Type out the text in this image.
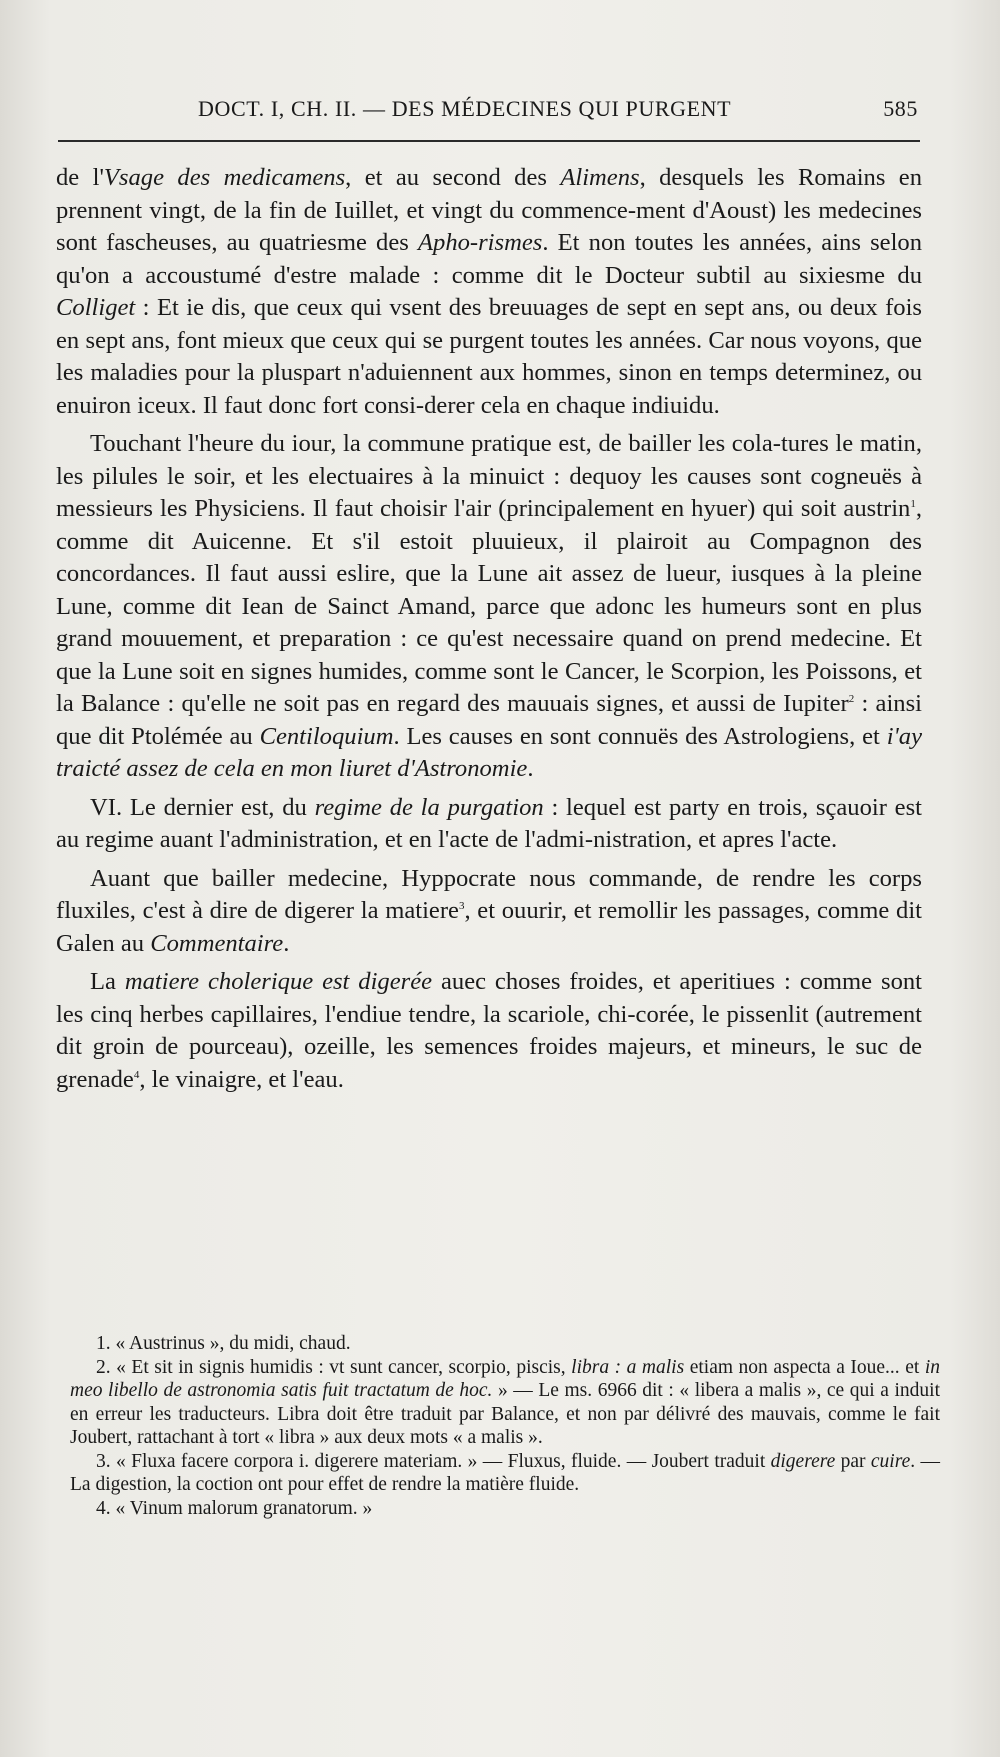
DOCT. I, CH. II. — DES MÉDECINES QUI PURGENT	585

de l'Vsage des medicamens, et au second des Alimens, desquels les Romains en prennent vingt, de la fin de Iuillet, et vingt du commence-ment d'Aoust) les medecines sont fascheuses, au quatriesme des Apho-rismes. Et non toutes les années, ains selon qu'on a accoustumé d'estre malade : comme dit le Docteur subtil au sixiesme du Colliget : Et ie dis, que ceux qui vsent des breuuages de sept en sept ans, ou deux fois en sept ans, font mieux que ceux qui se purgent toutes les années. Car nous voyons, que les maladies pour la pluspart n'aduiennent aux hommes, sinon en temps determinez, ou enuiron iceux. Il faut donc fort consi-derer cela en chaque indiuidu.

Touchant l'heure du iour, la commune pratique est, de bailler les cola-tures le matin, les pilules le soir, et les electuaires à la minuict : dequoy les causes sont cogneuës à messieurs les Physiciens. Il faut choisir l'air (principalement en hyuer) qui soit austrin$^1$, comme dit Auicenne. Et s'il estoit pluuieux, il plairoit au Compagnon des concordances. Il faut aussi eslire, que la Lune ait assez de lueur, iusques à la pleine Lune, comme dit Iean de Sainct Amand, parce que adonc les humeurs sont en plus grand mouuement, et preparation : ce qu'est necessaire quand on prend medecine. Et que la Lune soit en signes humides, comme sont le Cancer, le Scorpion, les Poissons, et la Balance : qu'elle ne soit pas en regard des mauuais signes, et aussi de Iupiter$^2$ : ainsi que dit Ptolémée au Centiloquium. Les causes en sont connuës des Astrologiens, et i'ay traicté assez de cela en mon liuret d'Astronomie.

VI. Le dernier est, du regime de la purgation : lequel est party en trois, sçauoir est au regime auant l'administration, et en l'acte de l'admi-nistration, et apres l'acte.

Auant que bailler medecine, Hyppocrate nous commande, de rendre les corps fluxiles, c'est à dire de digerer la matiere$^3$, et ouurir, et remollir les passages, comme dit Galen au Commentaire.

La matiere cholerique est digerée auec choses froides, et aperitiues : comme sont les cinq herbes capillaires, l'endiue tendre, la scariole, chi-corée, le pissenlit (autrement dit groin de pourceau), ozeille, les semences froides majeurs, et mineurs, le suc de grenade$^4$, le vinaigre, et l'eau.

1. « Austrinus », du midi, chaud.

2. « Et sit in signis humidis : vt sunt cancer, scorpio, piscis, libra : a malis etiam non aspecta a Ioue... et in meo libello de astronomia satis fuit tractatum de hoc. » — Le ms. 6966 dit : « libera a malis », ce qui a induit en erreur les traducteurs. Libra doit être traduit par Balance, et non par délivré des mauvais, comme le fait Joubert, rattachant à tort « libra » aux deux mots « a malis ».

3. « Fluxa facere corpora i. digerere materiam. » — Fluxus, fluide. — Joubert traduit digerere par cuire. — La digestion, la coction ont pour effet de rendre la matière fluide.

4. « Vinum malorum granatorum. »
